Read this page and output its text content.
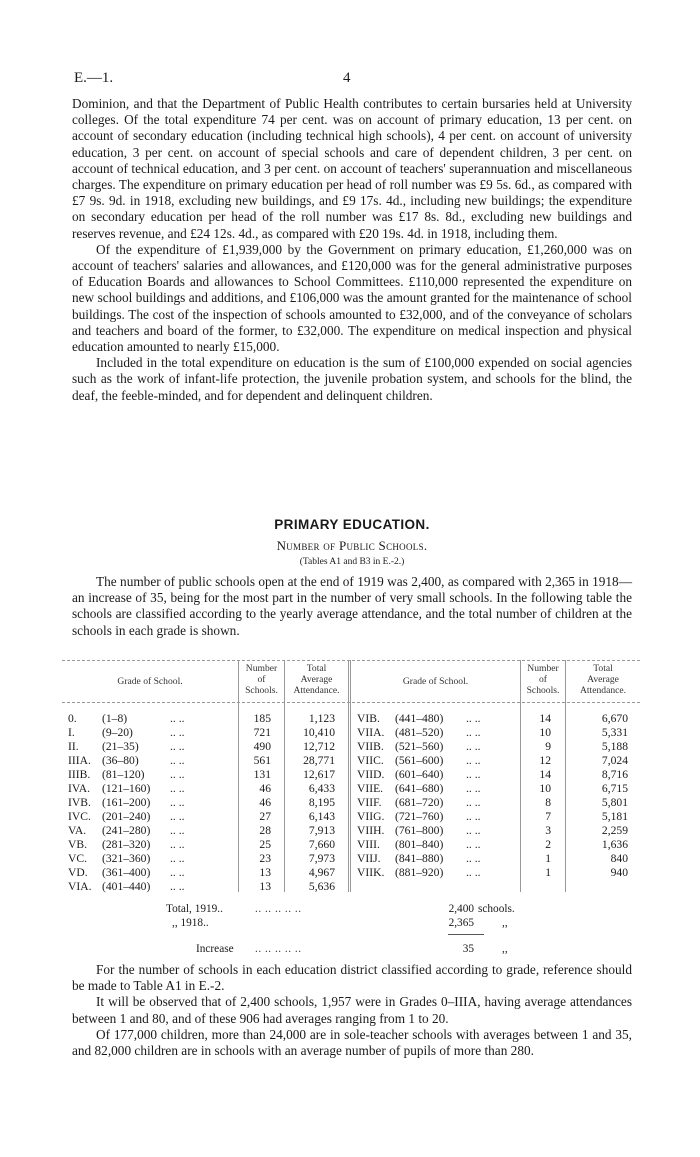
E.—1.	4

Dominion, and that the Department of Public Health contributes to certain bursaries held at University colleges. Of the total expenditure 74 per cent. was on account of primary education, 13 per cent. on account of secondary education (including technical high schools), 4 per cent. on account of university education, 3 per cent. on account of special schools and care of dependent children, 3 per cent. on account of technical education, and 3 per cent. on account of teachers' superannuation and miscellaneous charges. The expenditure on primary education per head of roll number was £9 5s. 6d., as compared with £7 9s. 9d. in 1918, excluding new buildings, and £9 17s. 4d., including new buildings; the expenditure on secondary education per head of the roll number was £17 8s. 8d., excluding new buildings and reserves revenue, and £24 12s. 4d., as compared with £20 19s. 4d. in 1918, including them.

Of the expenditure of £1,939,000 by the Government on primary education, £1,260,000 was on account of teachers' salaries and allowances, and £120,000 was for the general administrative purposes of Education Boards and allowances to School Committees. £110,000 represented the expenditure on new school buildings and additions, and £106,000 was the amount granted for the maintenance of school buildings. The cost of the inspection of schools amounted to £32,000, and of the conveyance of scholars and teachers and board of the former, to £32,000. The expenditure on medical inspection and physical education amounted to nearly £15,000.

Included in the total expenditure on education is the sum of £100,000 expended on social agencies such as the work of infant-life protection, the juvenile probation system, and schools for the blind, the deaf, the feeble-minded, and for dependent and delinquent children.

PRIMARY EDUCATION.
Number of Public Schools.
(Tables A1 and B3 in E.-2.)

The number of public schools open at the end of 1919 was 2,400, as compared with 2,365 in 1918—an increase of 35, being for the most part in the number of very small schools. In the following table the schools are classified according to the yearly average attendance, and the total number of children at the schools in each grade is shown.

Grade of School.
Number
of
Schools.
Total
Average
Attendance.
Grade of School.
Number
of
Schools.
Total
Average
Attendance.
0. (1–8)	.. ..	185	1,123
I. (9–20)	.. ..	721	10,410
II. (21–35)	.. ..	490	12,712
IIIA. (36–80)	.. ..	561	28,771
IIIB. (81–120) .. ..	131	12,617
IVA. (121–160) .. ..	46	6,433
IVB. (161–200) .. ..	46	8,195
IVC. (201–240) .. ..	27	6,143
VA. (241–280) .. ..	28	7,913
VB. (281–320) .. ..	25	7,660
VC. (321–360) .. ..	23	7,973
VD. (361–400) .. ..	13	4,967
VIA. (401–440) .. ..	13	5,636
VIB. (441–480) .. ..	14	6,670
VIIA. (481–520) .. ..	10	5,331
VIIB. (521–560) .. ..	9	5,188
VIIC. (561–600) .. ..	12	7,024
VIID. (601–640) .. ..	14	8,716
VIIE. (641–680) .. ..	10	6,715
VIIF. (681–720) .. ..	8	5,801
VIIG. (721–760) .. ..	7	5,181
VIIH. (761–800) .. ..	3	2,259
VIII. (801–840) .. ..	2	1,636
VIIJ. (841–880) .. ..	1	840
VIIK. (881–920) .. ..	1	940
Total, 1919..	.. .. .. .. ..	2,400 schools.
,, 1918..	2,365 ,,
Increase .. .. .. .. ..	35 ,,

For the number of schools in each education district classified according to grade, reference should be made to Table A1 in E.-2.

It will be observed that of 2,400 schools, 1,957 were in Grades 0–IIIA, having average attendances between 1 and 80, and of these 906 had averages ranging from 1 to 20.

Of 177,000 children, more than 24,000 are in sole-teacher schools with averages between 1 and 35, and 82,000 children are in schools with an average number of pupils of more than 280.
